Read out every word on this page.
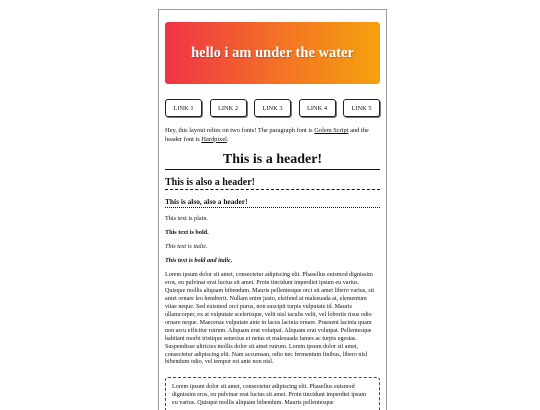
hello i am under the water
LINK 1	LINK 2	LINK 3	LINK 4	LINK 5

Hey, this layout relies on two fonts! The paragraph font is Golem Script and the header font is Hardpixel.

This is a header!
This is also a header!
This is also, also a header!

This text is plain.

This text is bold.

This text is italic.

This text is bold and italic.

Lorem ipsum dolor sit amet, consectetur adipiscing elit. Phasellus euismod dignissim eros, eu pulvinar erat luctus sit amet. Proin tincidunt imperdiet ipsum eu varius. Quisque mollis aliquam bibendum. Mauris pellentesque orci sit amet libero varius, sit amet ornare leo hendrerit. Nullam enim justo, eleifend at malesuada at, elementum vitae neque. Sed euismod orci purus, non suscipit turpis vulputate id. Mauris ullamcorper, ex at vulputate scelerisque, velit nisl iaculis velit, vel lobortis risus odio ornare neque. Maecenas vulputate ante in lacus lacinia ornare. Praesent lacinia quam non arcu efficitur rutrum. Aliquam erat volutpat. Aliquam erat volutpat. Pellentesque habitant morbi tristique senectus et netus et malesuada fames ac turpis egestas. Suspendisse ultricies mollis dolor sit amet rutrum. Lorem ipsum dolor sit amet, consectetur adipiscing elit. Nam accumsan, odio nec fermentum finibus, libero nisl bibendum odio, vel tempor est ante non nisl.

Lorem ipsum dolor sit amet, consectetur adipiscing elit. Phasellus euismod dignissim eros, eu pulvinar erat luctus sit amet. Proin tincidunt imperdiet ipsum eu varius. Quisque mollis aliquam bibendum. Mauris pellentesque
